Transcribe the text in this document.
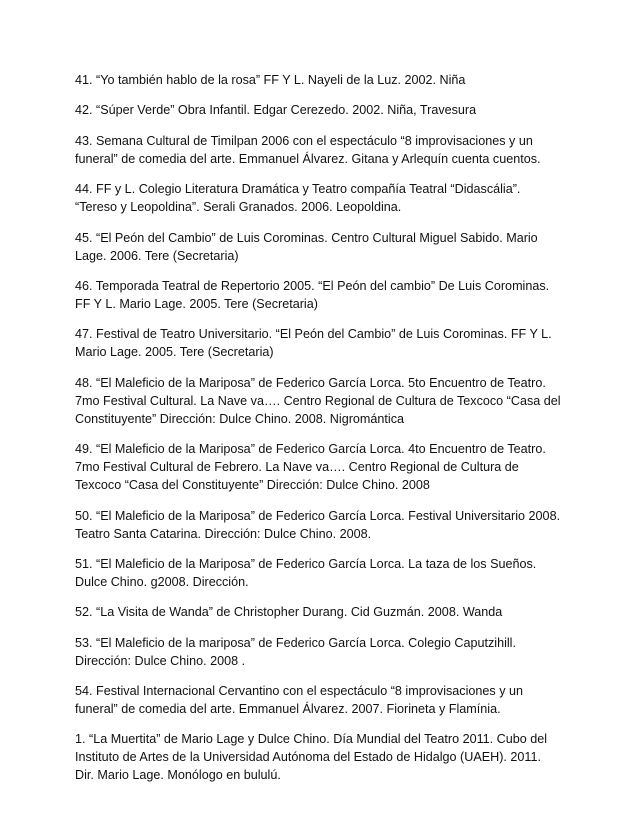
41. “Yo también hablo de la rosa” FF Y L. Nayeli de la Luz. 2002. Niña
42. “Súper Verde” Obra Infantil. Edgar Cerezedo. 2002. Niña, Travesura
43. Semana Cultural de Timilpan 2006 con el espectáculo “8 improvisaciones y un
funeral” de comedia del arte. Emmanuel Álvarez. Gitana y Arlequín cuenta cuentos.
44. FF y L. Colegio Literatura Dramática y Teatro compañía Teatral “Didascália”.
“Tereso y Leopoldina”. Serali Granados. 2006. Leopoldina.
45. “El Peón del Cambio” de Luis Corominas. Centro Cultural Miguel Sabido. Mario
Lage. 2006. Tere (Secretaria)
46. Temporada Teatral de Repertorio 2005. “El Peón del cambio” De Luis Corominas.
FF Y L. Mario Lage. 2005. Tere (Secretaria)
47. Festival de Teatro Universitario. “El Peón del Cambio” de Luis Corominas. FF Y L.
Mario Lage. 2005. Tere (Secretaria)
48. “El Maleficio de la Mariposa” de Federico García Lorca. 5to Encuentro de Teatro.
7mo Festival Cultural. La Nave va…. Centro Regional de Cultura de Texcoco “Casa del
Constituyente” Dirección: Dulce Chino. 2008. Nigromántica
49. “El Maleficio de la Mariposa” de Federico García Lorca. 4to Encuentro de Teatro.
7mo Festival Cultural de Febrero. La Nave va…. Centro Regional de Cultura de
Texcoco “Casa del Constituyente” Dirección: Dulce Chino. 2008
50. “El Maleficio de la Mariposa” de Federico García Lorca. Festival Universitario 2008.
Teatro Santa Catarina. Dirección: Dulce Chino. 2008.
51. “El Maleficio de la Mariposa” de Federico García Lorca. La taza de los Sueños.
Dulce Chino. g2008. Dirección.
52. “La Visita de Wanda” de Christopher Durang. Cid Guzmán. 2008. Wanda
53. “El Maleficio de la mariposa” de Federico García Lorca. Colegio Caputzihill.
Dirección: Dulce Chino. 2008 .
54. Festival Internacional Cervantino con el espectáculo “8 improvisaciones y un
funeral” de comedia del arte. Emmanuel Álvarez. 2007. Fiorineta y Flamínia.
1. “La Muertita” de Mario Lage y Dulce Chino. Día Mundial del Teatro 2011. Cubo del
Instituto de Artes de la Universidad Autónoma del Estado de Hidalgo (UAEH). 2011.
Dir. Mario Lage. Monólogo en bululú.
